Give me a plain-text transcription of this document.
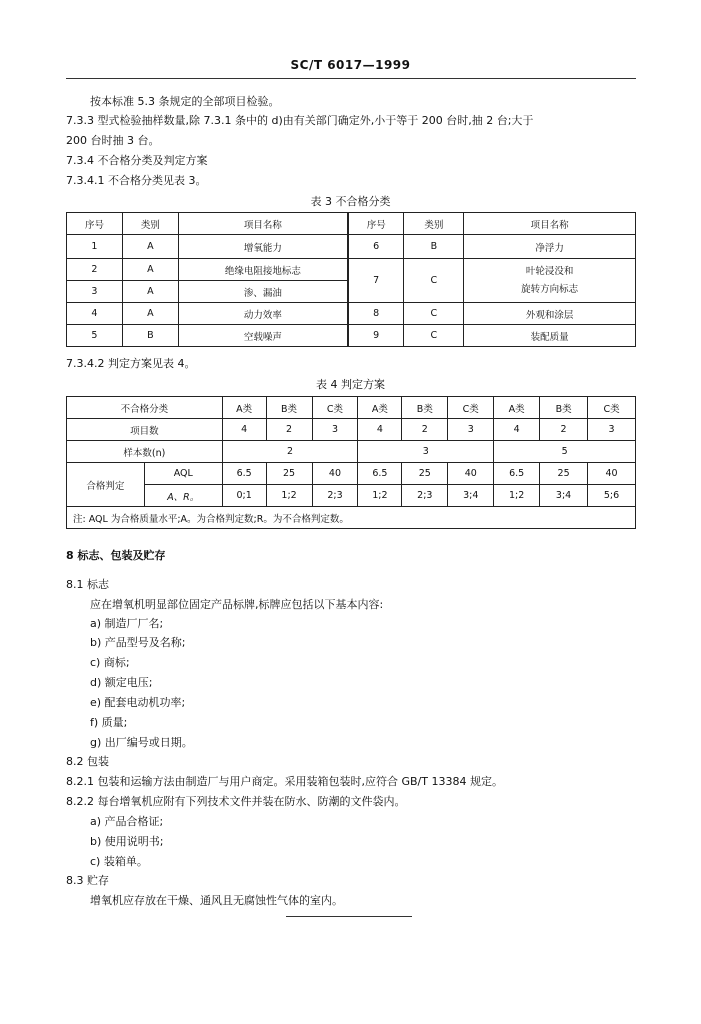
SC/T 6017—1999
按本标准 5.3 条规定的全部项目检验。
7.3.3 型式检验抽样数量,除 7.3.1 条中的 d)由有关部门确定外,小于等于 200 台时,抽 2 台;大于
200 台时抽 3 台。
7.3.4 不合格分类及判定方案
7.3.4.1 不合格分类见表 3。
表 3 不合格分类
序号	类别	项目名称	序号	类别	项目名称
1	A	增氧能力	6	B	净浮力
2	A	绝缘电阻接地标志	7	C	叶轮浸没和
旋转方向标志

3	A	渗、漏油			
4	A	动力效率	8	C	外观和涂层
5	B	空载噪声	9	C	装配质量
7.3.4.2 判定方案见表 4。
表 4 判定方案
不合格分类		A类	B类	C类	A类	B类	C类	A类	B类	C类
项目数		4	2	3	4	2	3	4	2	3
样本数(n)		2			3			5		
合格判定	AQL	6.5	25	40	6.5	25	40	6.5	25	40
	A、R。	0;1	1;2	2;3	1;2	2;3	3;4	1;2	3;4	5;6
注: AQL 为合格质量水平;A。为合格判定数;R。为不合格判定数。										
8 标志、包装及贮存
8.1 标志
应在增氧机明显部位固定产品标牌,标牌应包括以下基本内容:
a) 制造厂厂名;
b) 产品型号及名称;
c) 商标;
d) 额定电压;
e) 配套电动机功率;
f) 质量;
g) 出厂编号或日期。
8.2 包装
8.2.1 包装和运输方法由制造厂与用户商定。采用装箱包装时,应符合 GB/T 13384 规定。
8.2.2 每台增氧机应附有下列技术文件并装在防水、防潮的文件袋内。
a) 产品合格证;
b) 使用说明书;
c) 装箱单。
8.3 贮存
增氧机应存放在干燥、通风且无腐蚀性气体的室内。
